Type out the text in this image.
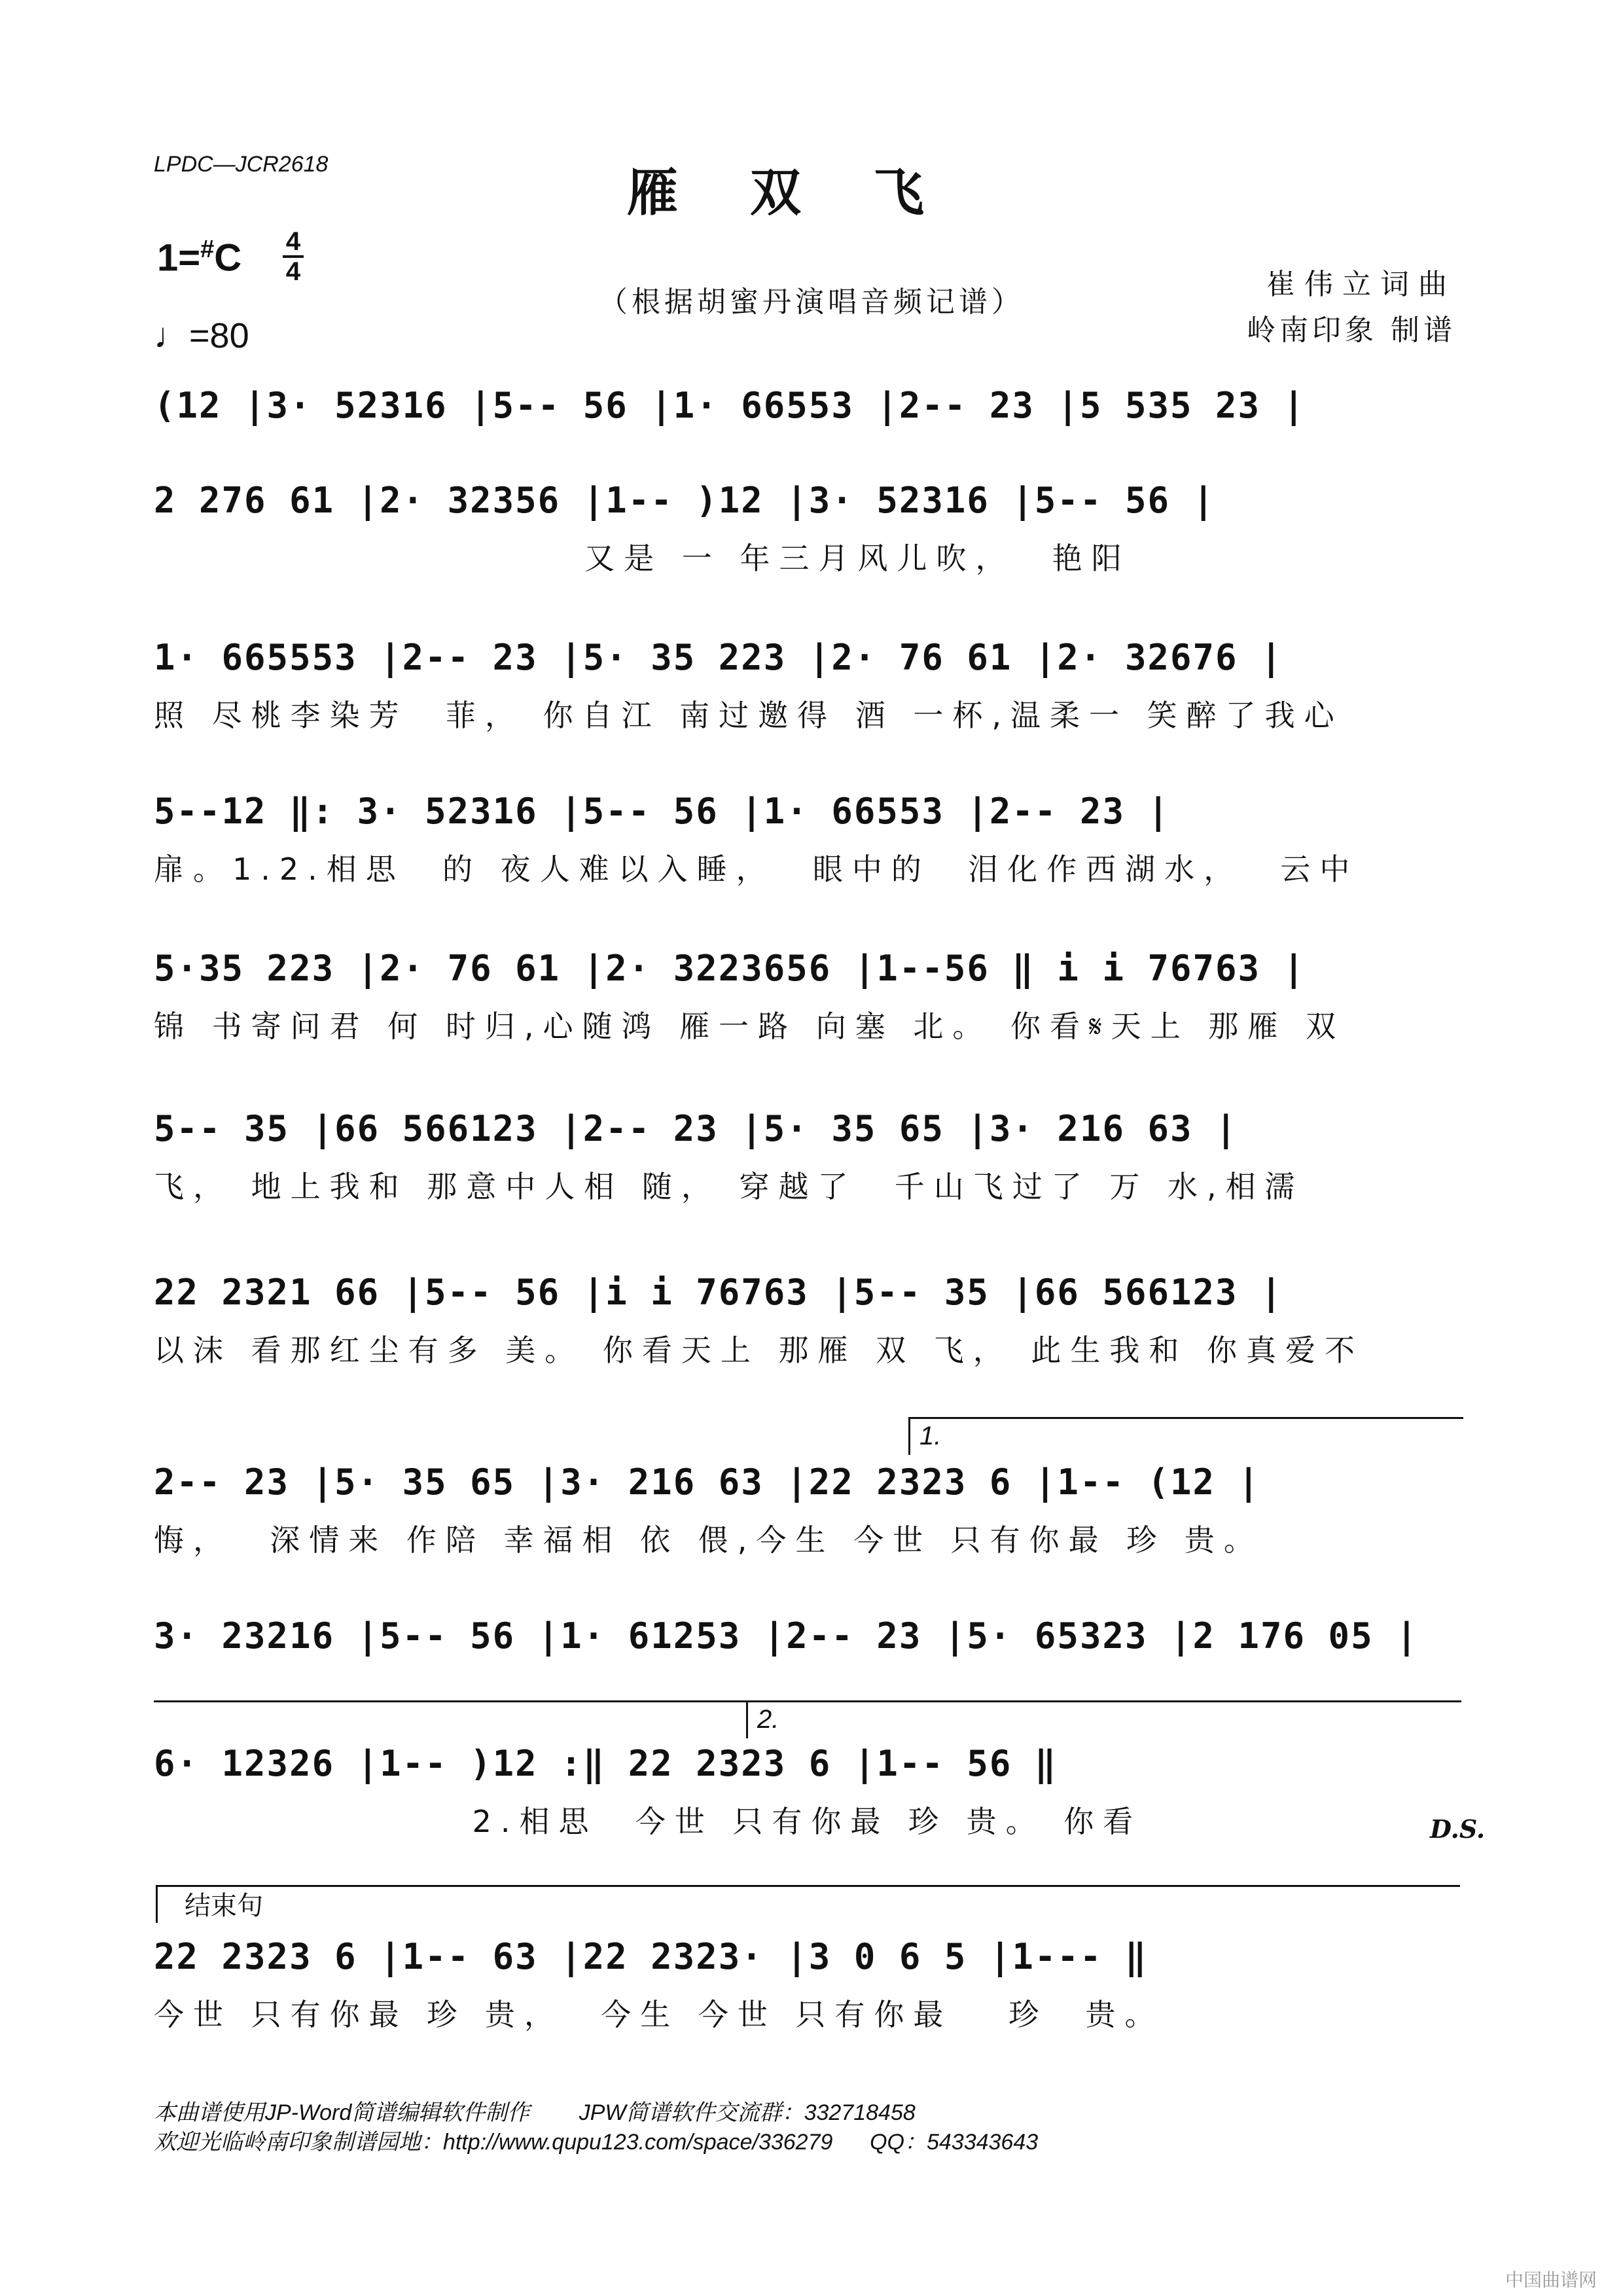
LPDC—JCR2618	雁双飞
1=#C 4
4
♩=80
（根据胡蜜丹演唱音频记谱）
崔伟立词曲
岭南印象 制谱
(12 |3· 52316 |5-- 56 |1· 66553 |2-- 23 |5 535 23 |
2 276 61 |2· 32356 |1-- )12 |3· 52316 |5-- 56 |
又是 一 年三月风儿吹，  艳阳
1· 665553 |2-- 23 |5· 35 223 |2· 76 61 |2· 32676 |
照 尽桃李染芳  菲， 你自江 南过邀得 酒 一杯,温柔一 笑醉了我心
5--12 ‖: 3· 52316 |5-- 56 |1· 66553 |2-- 23 |
扉。1.2.相思  的 夜人难以入睡，  眼中的  泪化作西湖水，  云中
5·35 223 |2· 76 61 |2· 3223656 |1--56 ‖ i i 76763 |
锦 书寄问君 何 时归,心随鸿 雁一路 向塞 北。 你看𝄋天上 那雁 双
5-- 35 |66 566123 |2-- 23 |5· 35 65 |3· 216 63 |
飞， 地上我和 那意中人相 随， 穿越了  千山飞过了 万 水,相濡
22 2321 66 |5-- 56 |i i 76763 |5-- 35 |66 566123 |
以沫 看那红尘有多 美。 你看天上 那雁 双 飞， 此生我和 你真爱不
1.
2-- 23 |5· 35 65 |3· 216 63 |22 2323 6 |1-- (12 |
悔，  深情来 作陪 幸福相 依 偎,今生 今世 只有你最 珍 贵。
3· 23216 |5-- 56 |1· 61253 |2-- 23 |5· 65323 |2 176 05 |
2.
6· 12326 |1-- )12 :‖ 22 2323 6 |1-- 56 ‖
2.相思  今世 只有你最 珍 贵。 你看	D.S.
结束句
22 2323 6 |1-- 63 |22 2323· |3 0 6 5 |1--- ‖
今世 只有你最 珍 贵，  今生 今世 只有你最   珍  贵。
本曲谱使用JP-Word简谱编辑软件制作        JPW简谱软件交流群：332718458
欢迎光临岭南印象制谱园地：http://www.qupu123.com/space/336279      QQ：543343643
中国曲谱网
